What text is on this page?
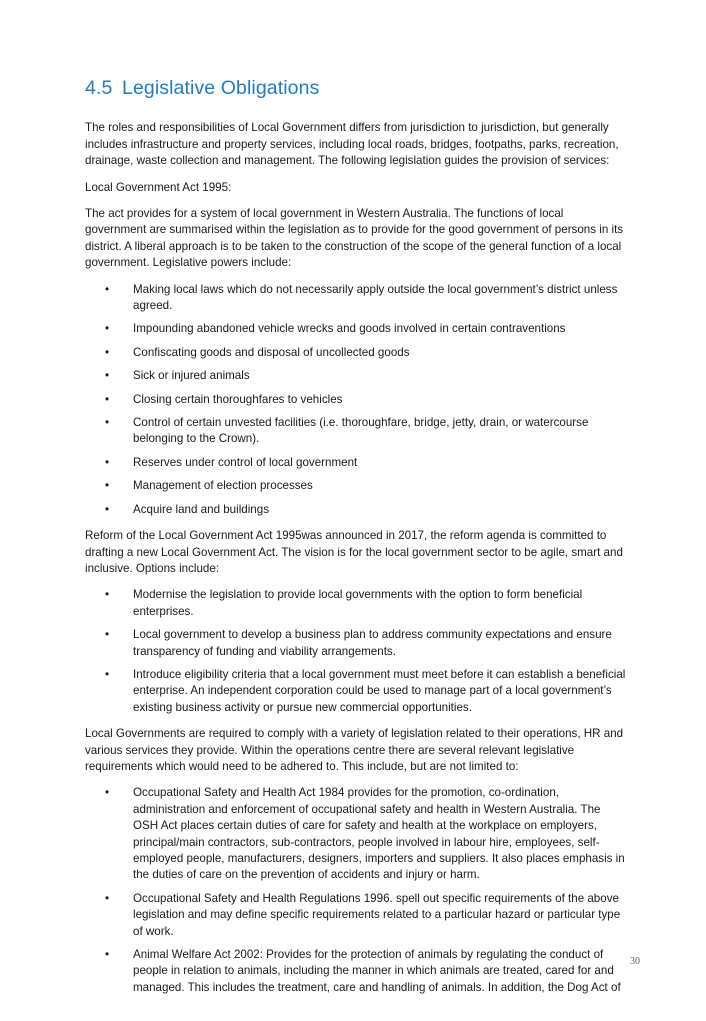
4.5 Legislative Obligations

The roles and responsibilities of Local Government differs from jurisdiction to jurisdiction, but generally includes infrastructure and property services, including local roads, bridges, footpaths, parks, recreation, drainage, waste collection and management. The following legislation guides the provision of services:

Local Government Act 1995:

The act provides for a system of local government in Western Australia. The functions of local government are summarised within the legislation as to provide for the good government of persons in its district. A liberal approach is to be taken to the construction of the scope of the general function of a local government. Legislative powers include:

• Making local laws which do not necessarily apply outside the local government’s district unless agreed.
• Impounding abandoned vehicle wrecks and goods involved in certain contraventions
• Confiscating goods and disposal of uncollected goods
• Sick or injured animals
• Closing certain thoroughfares to vehicles
• Control of certain unvested facilities (i.e. thoroughfare, bridge, jetty, drain, or watercourse belonging to the Crown).
• Reserves under control of local government
• Management of election processes
• Acquire land and buildings

Reform of the Local Government Act 1995was announced in 2017, the reform agenda is committed to drafting a new Local Government Act. The vision is for the local government sector to be agile, smart and inclusive. Options include:

• Modernise the legislation to provide local governments with the option to form beneficial enterprises.
• Local government to develop a business plan to address community expectations and ensure transparency of funding and viability arrangements.
• Introduce eligibility criteria that a local government must meet before it can establish a beneficial enterprise. An independent corporation could be used to manage part of a local government’s existing business activity or pursue new commercial opportunities.

Local Governments are required to comply with a variety of legislation related to their operations, HR and various services they provide. Within the operations centre there are several relevant legislative requirements which would need to be adhered to. This include, but are not limited to:

• Occupational Safety and Health Act 1984 provides for the promotion, co-ordination, administration and enforcement of occupational safety and health in Western Australia. The OSH Act places certain duties of care for safety and health at the workplace on employers, principal/main contractors, sub-contractors, people involved in labour hire, employees, self-employed people, manufacturers, designers, importers and suppliers. It also places emphasis in the duties of care on the prevention of accidents and injury or harm.
• Occupational Safety and Health Regulations 1996. spell out specific requirements of the above legislation and may define specific requirements related to a particular hazard or particular type of work.
• Animal Welfare Act 2002: Provides for the protection of animals by regulating the conduct of people in relation to animals, including the manner in which animals are treated, cared for and managed. This includes the treatment, care and handling of animals. In addition, the Dog Act of
30
